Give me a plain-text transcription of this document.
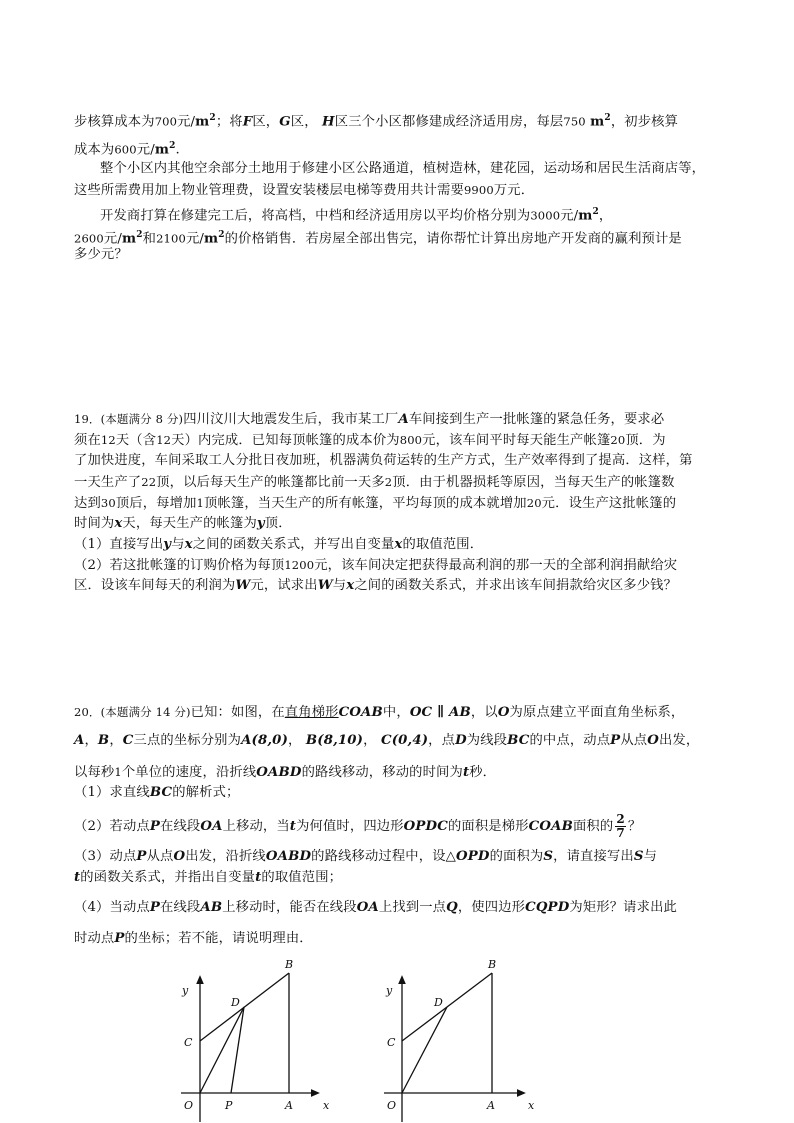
步核算成本为700元$/m^2$；将F区，G区， H区三个小区都修建成经济适用房，每层750 $m^2$，初步核算
成本为600元$/m^2$.
整个小区内其他空余部分土地用于修建小区公路通道，植树造林，建花园，运动场和居民生活商店等，
这些所需费用加上物业管理费，设置安装楼层电梯等费用共计需要9900万元．
开发商打算在修建完工后，将高档，中档和经济适用房以平均价格分别为3000元$/m^2$，
2600元$/m^2$和2100元$/m^2$的价格销售．若房屋全部出售完，请你帮忙计算出房地产开发商的赢利预计是
多少元？
19．(本题满分 8 分)四川汶川大地震发生后，我市某工厂A车间接到生产一批帐篷的紧急任务，要求必
须在12天（含12天）内完成．已知每顶帐篷的成本价为800元，该车间平时每天能生产帐篷20顶．为
了加快进度，车间采取工人分批日夜加班，机器满负荷运转的生产方式，生产效率得到了提高．这样，第
一天生产了22顶，以后每天生产的帐篷都比前一天多2顶．由于机器损耗等原因，当每天生产的帐篷数
达到30顶后，每增加1顶帐篷，当天生产的所有帐篷，平均每顶的成本就增加20元．设生产这批帐篷的
时间为x天，每天生产的帐篷为y顶．
（1）直接写出y与x之间的函数关系式，并写出自变量x的取值范围．
（2）若这批帐篷的订购价格为每顶1200元，该车间决定把获得最高利润的那一天的全部利润捐献给灾
区．设该车间每天的利润为W元，试求出W与x之间的函数关系式，并求出该车间捐款给灾区多少钱？
20．(本题满分 14 分)已知：如图，在直角梯形COAB中，OC ∥ AB，以O为原点建立平面直角坐标系，
A，B，C三点的坐标分别为A(8,0)， B(8,10)， C(0,4)，点D为线段BC的中点，动点P从点O出发，
以每秒1个单位的速度，沿折线OABD的路线移动，移动的时间为t秒．
（1）求直线BC的解析式；
（2）若动点P在线段OA上移动，当t为何值时，四边形OPDC的面积是梯形COAB面积的 $\frac{2}{7}$ ？
（3）动点P从点O出发，沿折线OABD的路线移动过程中，设△OPD的面积为S，请直接写出S与
t的函数关系式，并指出自变量t的取值范围；
（4）当动点P在线段AB上移动时，能否在线段OA上找到一点Q，使四边形CQPD为矩形？请求出此
时动点P的坐标；若不能，请说明理由．
y
x
O	P	A
B
C
D
y
x
O	A
B
C
D
